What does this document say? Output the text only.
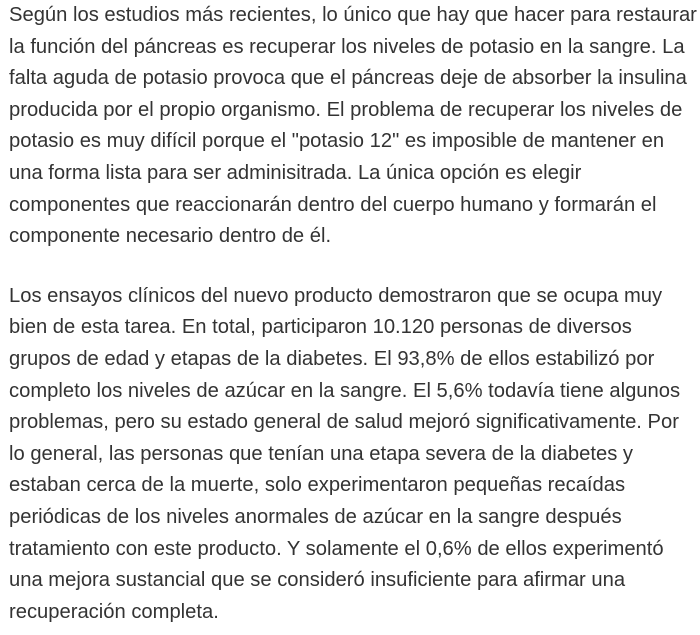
Según los estudios más recientes, lo único que hay que hacer para restaurar la función del páncreas es recuperar los niveles de potasio en la sangre. La falta aguda de potasio provoca que el páncreas deje de absorber la insulina producida por el propio organismo. El problema de recuperar los niveles de potasio es muy difícil porque el "potasio 12" es imposible de mantener en una forma lista para ser adminisitrada. La única opción es elegir componentes que reaccionarán dentro del cuerpo humano y formarán el componente necesario dentro de él.

Los ensayos clínicos del nuevo producto demostraron que se ocupa muy bien de esta tarea. En total, participaron 10.120 personas de diversos grupos de edad y etapas de la diabetes. El 93,8% de ellos estabilizó por completo los niveles de azúcar en la sangre. El 5,6% todavía tiene algunos problemas, pero su estado general de salud mejoró significativamente. Por lo general, las personas que tenían una etapa severa de la diabetes y estaban cerca de la muerte, solo experimentaron pequeñas recaídas periódicas de los niveles anormales de azúcar en la sangre después tratamiento con este producto. Y solamente el 0,6% de ellos experimentó una mejora sustancial que se consideró insuficiente para afirmar una recuperación completa.
